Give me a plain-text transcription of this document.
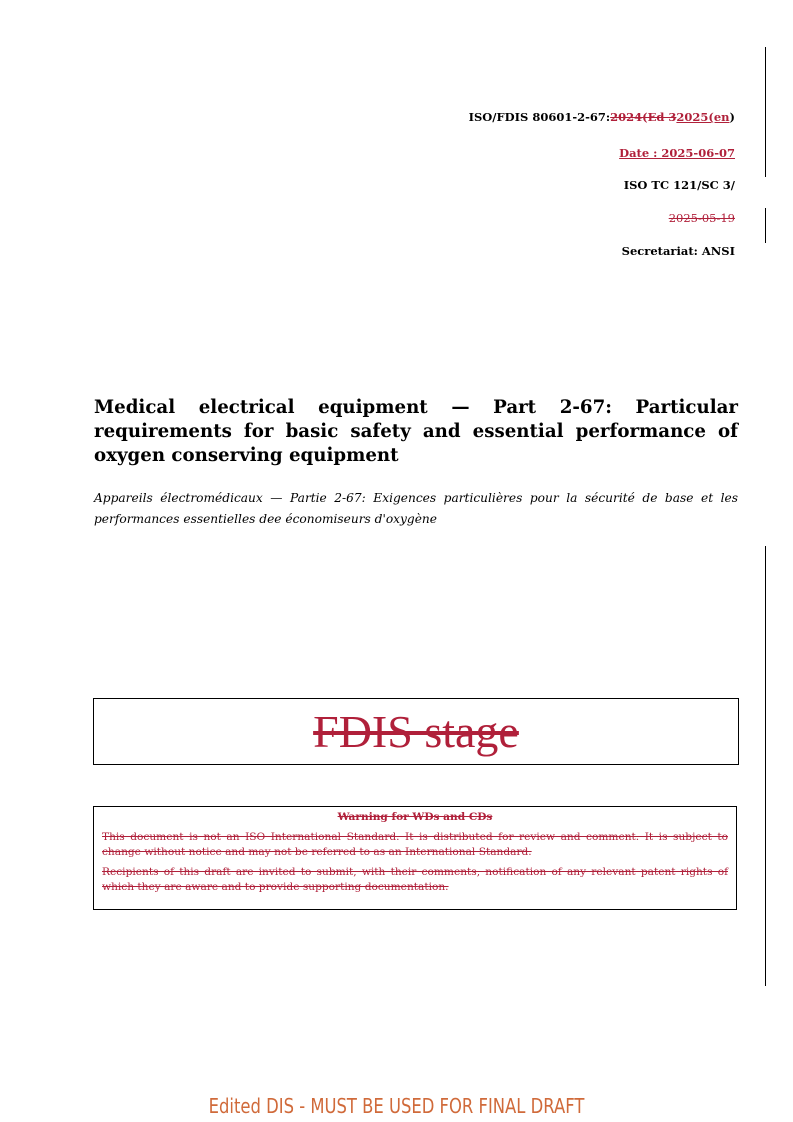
ISO/FDIS 80601-2-67:2024(Ed 32025(en)
Date : 2025-06-07
ISO TC 121/SC 3/
2025-05-19
Secretariat: ANSI
Medical electrical equipment — Part 2-67: Particular requirements for basic safety and essential performance of oxygen conserving equipment
Appareils électromédicaux — Partie 2-67: Exigences particulières pour la sécurité de base et les performances essentielles dee économiseurs d'oxygène
FDIS stage
Warning for WDs and CDs
This document is not an ISO International Standard. It is distributed for review and comment. It is subject to change without notice and may not be referred to as an International Standard.
Recipients of this draft are invited to submit, with their comments, notification of any relevant patent rights of which they are aware and to provide supporting documentation.
Edited DIS - MUST BE USED FOR FINAL DRAFT
